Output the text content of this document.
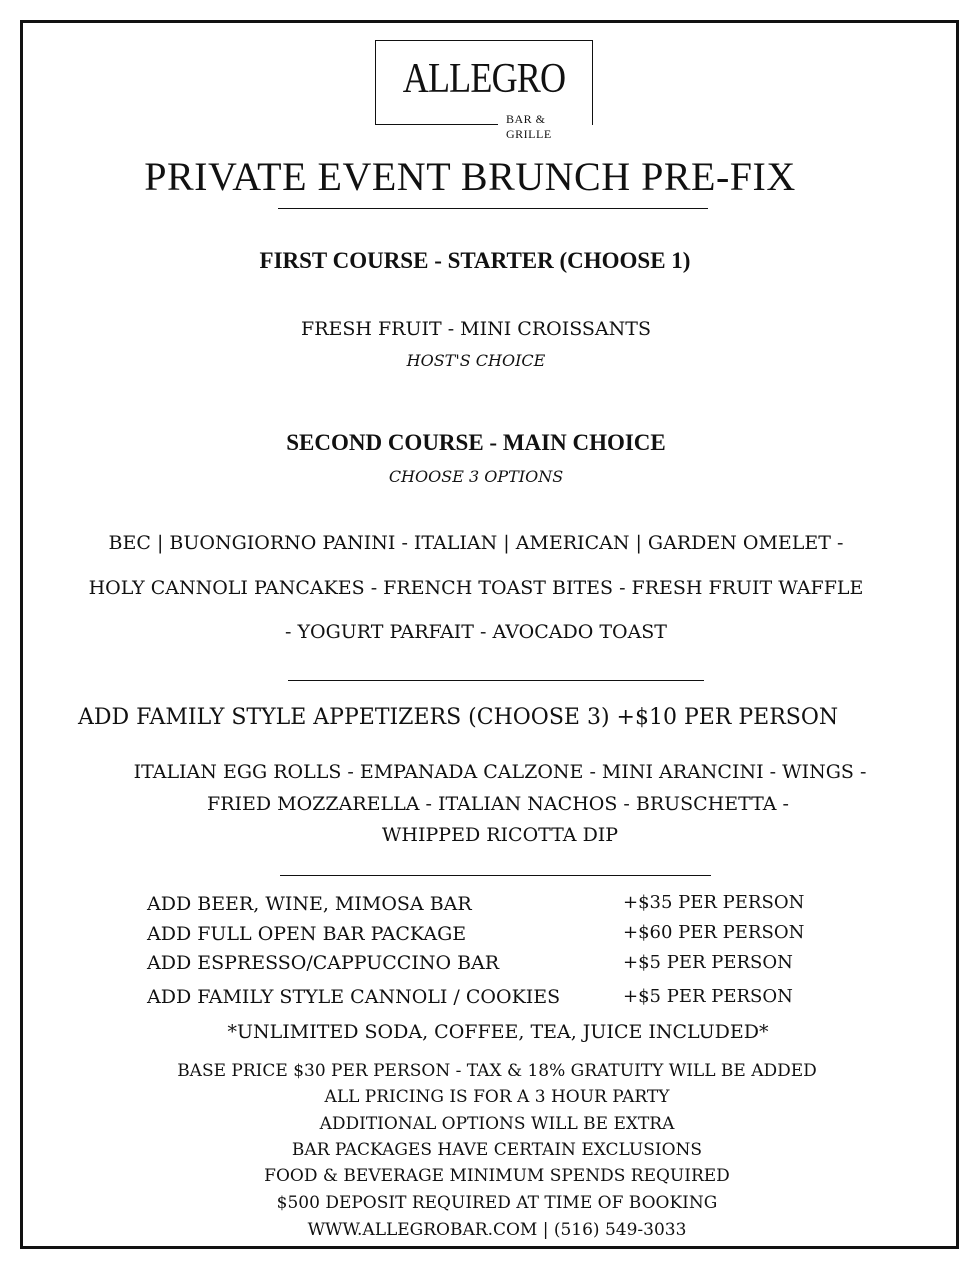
ALLEGRO
BAR & GRILLE
PRIVATE EVENT BRUNCH PRE-FIX
FIRST COURSE - STARTER (CHOOSE 1)
FRESH FRUIT - MINI CROISSANTS
HOST'S CHOICE
SECOND COURSE - MAIN CHOICE
CHOOSE 3 OPTIONS
BEC | BUONGIORNO PANINI - ITALIAN | AMERICAN | GARDEN OMELET -
HOLY CANNOLI PANCAKES - FRENCH TOAST BITES - FRESH FRUIT WAFFLE
- YOGURT PARFAIT - AVOCADO TOAST
ADD FAMILY STYLE APPETIZERS (CHOOSE 3) +$10 PER PERSON
ITALIAN EGG ROLLS - EMPANADA CALZONE - MINI ARANCINI - WINGS -
FRIED MOZZARELLA - ITALIAN NACHOS - BRUSCHETTA -
WHIPPED RICOTTA DIP
ADD BEER, WINE, MIMOSA BAR	+$35 PER PERSON
ADD FULL OPEN BAR PACKAGE	+$60 PER PERSON
ADD ESPRESSO/CAPPUCCINO BAR	+$5 PER PERSON
ADD FAMILY STYLE CANNOLI / COOKIES	+$5 PER PERSON
*UNLIMITED SODA, COFFEE, TEA, JUICE INCLUDED*
BASE PRICE $30 PER PERSON - TAX & 18% GRATUITY WILL BE ADDED
ALL PRICING IS FOR A 3 HOUR PARTY
ADDITIONAL OPTIONS WILL BE EXTRA
BAR PACKAGES HAVE CERTAIN EXCLUSIONS
FOOD & BEVERAGE MINIMUM SPENDS REQUIRED
$500 DEPOSIT REQUIRED AT TIME OF BOOKING
WWW.ALLEGROBAR.COM | (516) 549-3033
